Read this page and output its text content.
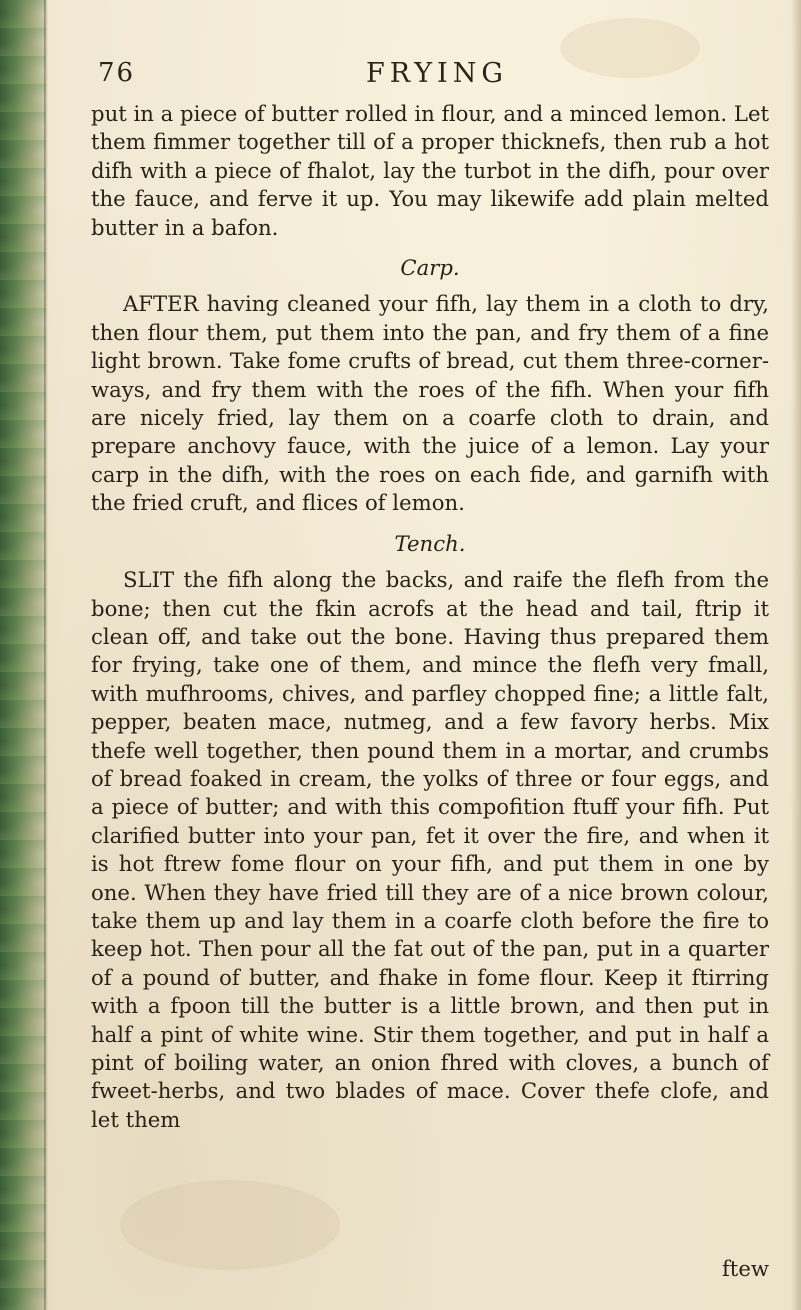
76	FRYING

put in a piece of butter rolled in flour, and a minced lemon. Let them fimmer together till of a proper thicknefs, then rub a hot difh with a piece of fhalot, lay the turbot in the difh, pour over the fauce, and ferve it up. You may likewife add plain melted butter in a bafon.

Carp.

AFTER having cleaned your fifh, lay them in a cloth to dry, then flour them, put them into the pan, and fry them of a fine light brown. Take fome crufts of bread, cut them three-corner-ways, and fry them with the roes of the fifh. When your fifh are nicely fried, lay them on a coarfe cloth to drain, and prepare anchovy fauce, with the juice of a lemon. Lay your carp in the difh, with the roes on each fide, and garnifh with the fried cruft, and flices of lemon.

Tench.

SLIT the fifh along the backs, and raife the flefh from the bone; then cut the fkin acrofs at the head and tail, ftrip it clean off, and take out the bone. Having thus prepared them for frying, take one of them, and mince the flefh very fmall, with mufhrooms, chives, and parfley chopped fine; a little falt, pepper, beaten mace, nutmeg, and a few favory herbs. Mix thefe well together, then pound them in a mortar, and crumbs of bread foaked in cream, the yolks of three or four eggs, and a piece of butter; and with this compofition ftuff your fifh. Put clarified butter into your pan, fet it over the fire, and when it is hot ftrew fome flour on your fifh, and put them in one by one. When they have fried till they are of a nice brown colour, take them up and lay them in a coarfe cloth before the fire to keep hot. Then pour all the fat out of the pan, put in a quarter of a pound of butter, and fhake in fome flour. Keep it ftirring with a fpoon till the butter is a little brown, and then put in half a pint of white wine. Stir them together, and put in half a pint of boiling water, an onion fhred with cloves, a bunch of fweet-herbs, and two blades of mace. Cover thefe clofe, and let them

ftew
